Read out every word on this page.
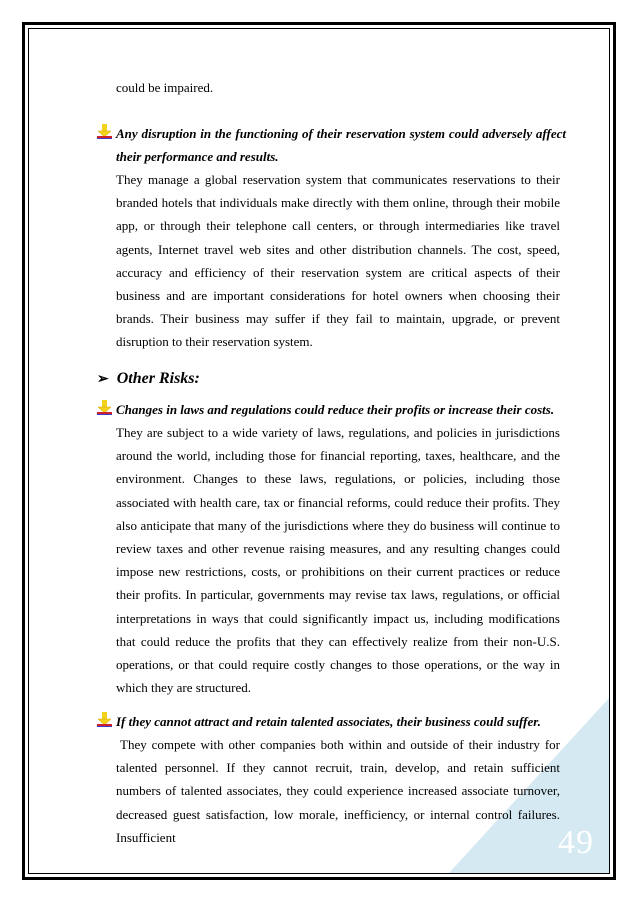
49
could be impaired.
Any disruption in the functioning of their reservation system could adversely affect their performance and results.
They manage a global reservation system that communicates reservations to their branded hotels that individuals make directly with them online, through their mobile app, or through their telephone call centers, or through intermediaries like travel agents, Internet travel web sites and other distribution channels. The cost, speed, accuracy and efficiency of their reservation system are critical aspects of their business and are important considerations for hotel owners when choosing their brands. Their business may suffer if they fail to maintain, upgrade, or prevent disruption to their reservation system.
➢ Other Risks:
Changes in laws and regulations could reduce their profits or increase their costs.
They are subject to a wide variety of laws, regulations, and policies in jurisdictions around the world, including those for financial reporting, taxes, healthcare, and the environment. Changes to these laws, regulations, or policies, including those associated with health care, tax or financial reforms, could reduce their profits. They also anticipate that many of the jurisdictions where they do business will continue to review taxes and other revenue raising measures, and any resulting changes could impose new restrictions, costs, or prohibitions on their current practices or reduce their profits. In particular, governments may revise tax laws, regulations, or official interpretations in ways that could significantly impact us, including modifications that could reduce the profits that they can effectively realize from their non-U.S. operations, or that could require costly changes to those operations, or the way in which they are structured.
If they cannot attract and retain talented associates, their business could suffer.
They compete with other companies both within and outside of their industry for talented personnel. If they cannot recruit, train, develop, and retain sufficient numbers of talented associates, they could experience increased associate turnover, decreased guest satisfaction, low morale, inefficiency, or internal control failures. Insufficient
